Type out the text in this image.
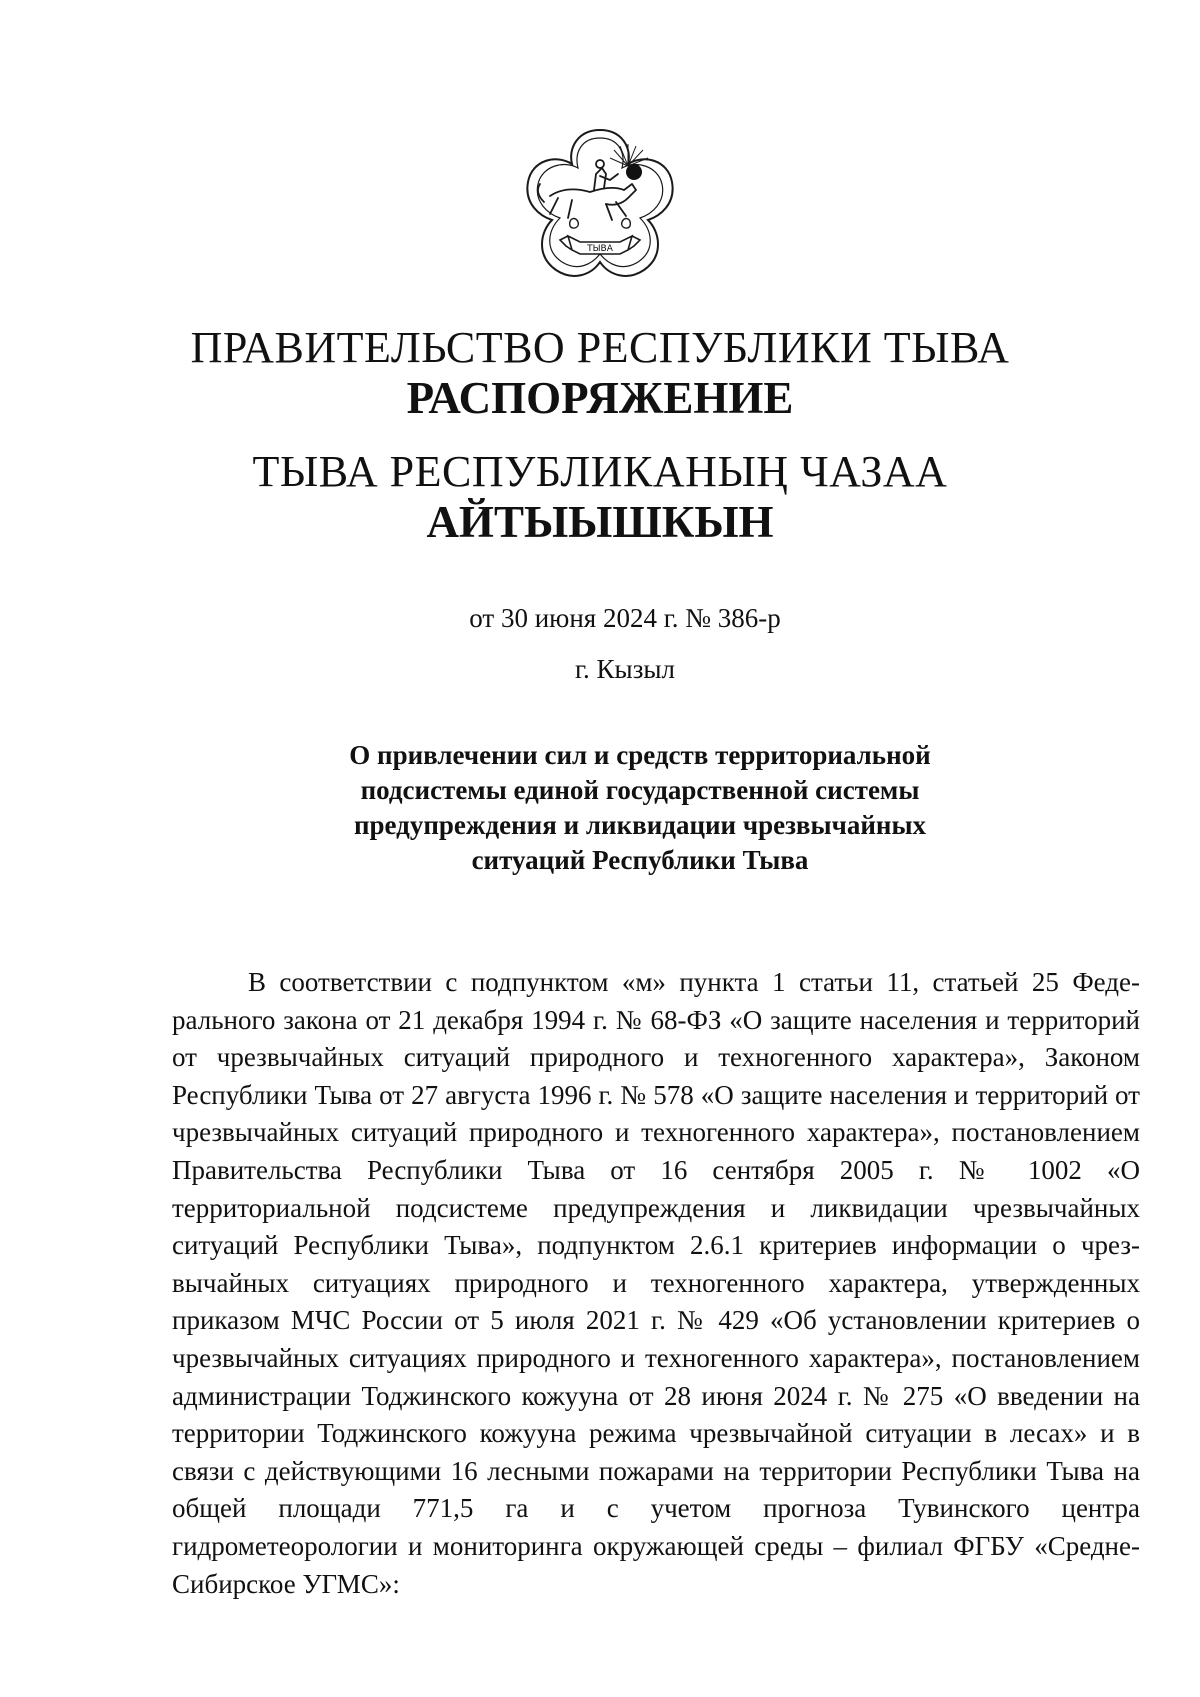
ТЫВА
ПРАВИТЕЛЬСТВО РЕСПУБЛИКИ ТЫВА
РАСПОРЯЖЕНИЕ
ТЫВА РЕСПУБЛИКАНЫҢ ЧАЗАА
АЙТЫЫШКЫН
от 30 июня 2024 г. № 386-р
г. Кызыл
О привлечении сил и средств территориальной
подсистемы единой государственной системы
предупреждения и ликвидации чрезвычайных
ситуаций Республики Тыва

В соответствии с подпунктом «м» пункта 1 статьи 11, статьей 25 Федерального закона от 21 декабря 1994 г. № 68-ФЗ «О защите населения и территорий от чрезвычайных ситуаций природного и техногенного характера», Законом Республики Тыва от 27 августа 1996 г. № 578 «О защите населения и территорий от чрезвычайных ситуаций природного и техногенного характера», постановлением Правительства Республики Тыва от 16 сентября 2005 г. № 1002 «О территориальной подсистеме предупреждения и ликвидации чрезвычайных ситуаций Республики Тыва», подпунктом 2.6.1 критериев информации о чрезвычайных ситуациях природного и техногенного характера, утвержденных приказом МЧС России от 5 июля 2021 г. № 429 «Об установлении критериев о чрезвычайных ситуациях природного и техногенного характера», постановлением администрации Тоджинского кожууна от 28 июня 2024 г. № 275 «О введении на территории Тоджинского кожууна режима чрезвычайной ситуации в лесах» и в связи с действующими 16 лесными пожарами на территории Республики Тыва на общей площади 771,5 га и с учетом прогноза Тувинского центра гидрометеорологии и мониторинга окружающей среды – филиал ФГБУ «Средне-Сибирское УГМС»:
